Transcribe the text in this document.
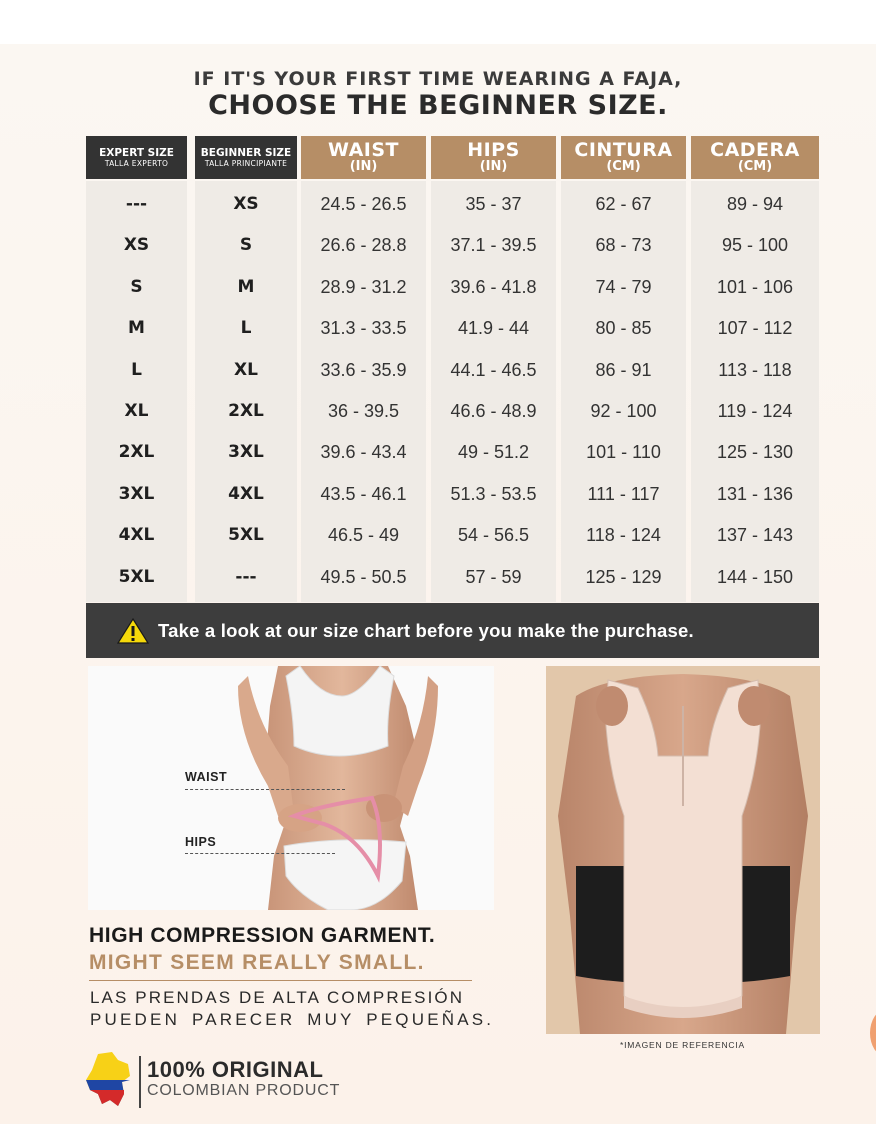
IF IT'S YOUR FIRST TIME WEARING A FAJA,
CHOOSE THE BEGINNER SIZE.
EXPERT SIZE
TALLA EXPERTO
BEGINNER SIZE
TALLA PRINCIPIANTE
WAIST
(IN)
HIPS
(IN)
CINTURA
(CM)
CADERA
(CM)
---	XS	24.5 - 26.5	35 - 37	62 - 67	89 - 94
XS	S	26.6 - 28.8	37.1 - 39.5	68 - 73	95 - 100
S	M	28.9 - 31.2	39.6 - 41.8	74 - 79	101 - 106
M	L	31.3 - 33.5	41.9 - 44	80 - 85	107 - 112
L	XL	33.6 - 35.9	44.1 - 46.5	86 - 91	113 - 118
XL	2XL	36 - 39.5	46.6 - 48.9	92 - 100	119 - 124
2XL	3XL	39.6 - 43.4	49 - 51.2	101 - 110	125 - 130
3XL	4XL	43.5 - 46.1	51.3 - 53.5	111 - 117	131 - 136
4XL	5XL	46.5 - 49	54 - 56.5	118 - 124	137 - 143
5XL	---	49.5 - 50.5	57 - 59	125 - 129	144 - 150
Take a look at our size chart before you make the purchase.
WAIST
HIPS
*IMAGEN DE REFERENCIA
HIGH COMPRESSION GARMENT.
MIGHT SEEM REALLY SMALL.
LAS PRENDAS DE ALTA COMPRESIÓN
PUEDEN PARECER MUY PEQUEÑAS.
100% ORIGINAL
COLOMBIAN PRODUCT
